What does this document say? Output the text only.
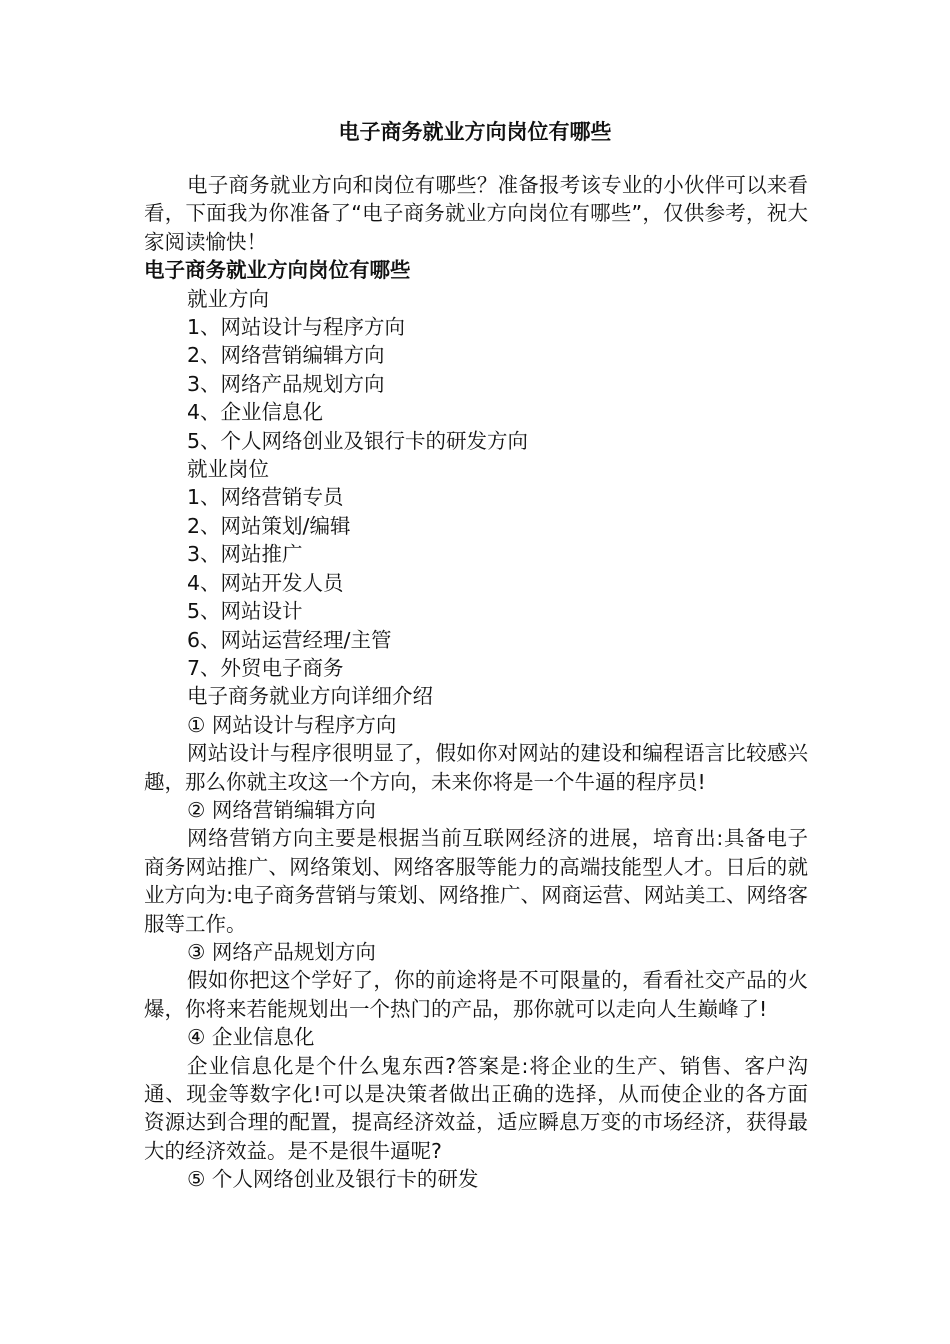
电子商务就业方向岗位有哪些

电子商务就业方向和岗位有哪些？准备报考该专业的小伙伴可以来看看，下面我为你准备了“电子商务就业方向岗位有哪些”，仅供参考，祝大家阅读愉快！

电子商务就业方向岗位有哪些

就业方向

1、网站设计与程序方向

2、网络营销编辑方向

3、网络产品规划方向

4、企业信息化

5、个人网络创业及银行卡的研发方向

就业岗位

1、网络营销专员

2、网站策划/编辑

3、网站推广

4、网站开发人员

5、网站设计

6、网站运营经理/主管

7、外贸电子商务

电子商务就业方向详细介绍

① 网站设计与程序方向

网站设计与程序很明显了，假如你对网站的建设和编程语言比较感兴趣，那么你就主攻这一个方向，未来你将是一个牛逼的程序员!

② 网络营销编辑方向

网络营销方向主要是根据当前互联网经济的进展，培育出:具备电子商务网站推广、网络策划、网络客服等能力的高端技能型人才。日后的就业方向为:电子商务营销与策划、网络推广、网商运营、网站美工、网络客服等工作。

③ 网络产品规划方向

假如你把这个学好了，你的前途将是不可限量的，看看社交产品的火爆，你将来若能规划出一个热门的产品，那你就可以走向人生巅峰了!

④ 企业信息化

企业信息化是个什么鬼东西?答案是:将企业的生产、销售、客户沟通、现金等数字化!可以是决策者做出正确的选择，从而使企业的各方面资源达到合理的配置，提高经济效益，适应瞬息万变的市场经济，获得最大的经济效益。是不是很牛逼呢?

⑤ 个人网络创业及银行卡的研发
